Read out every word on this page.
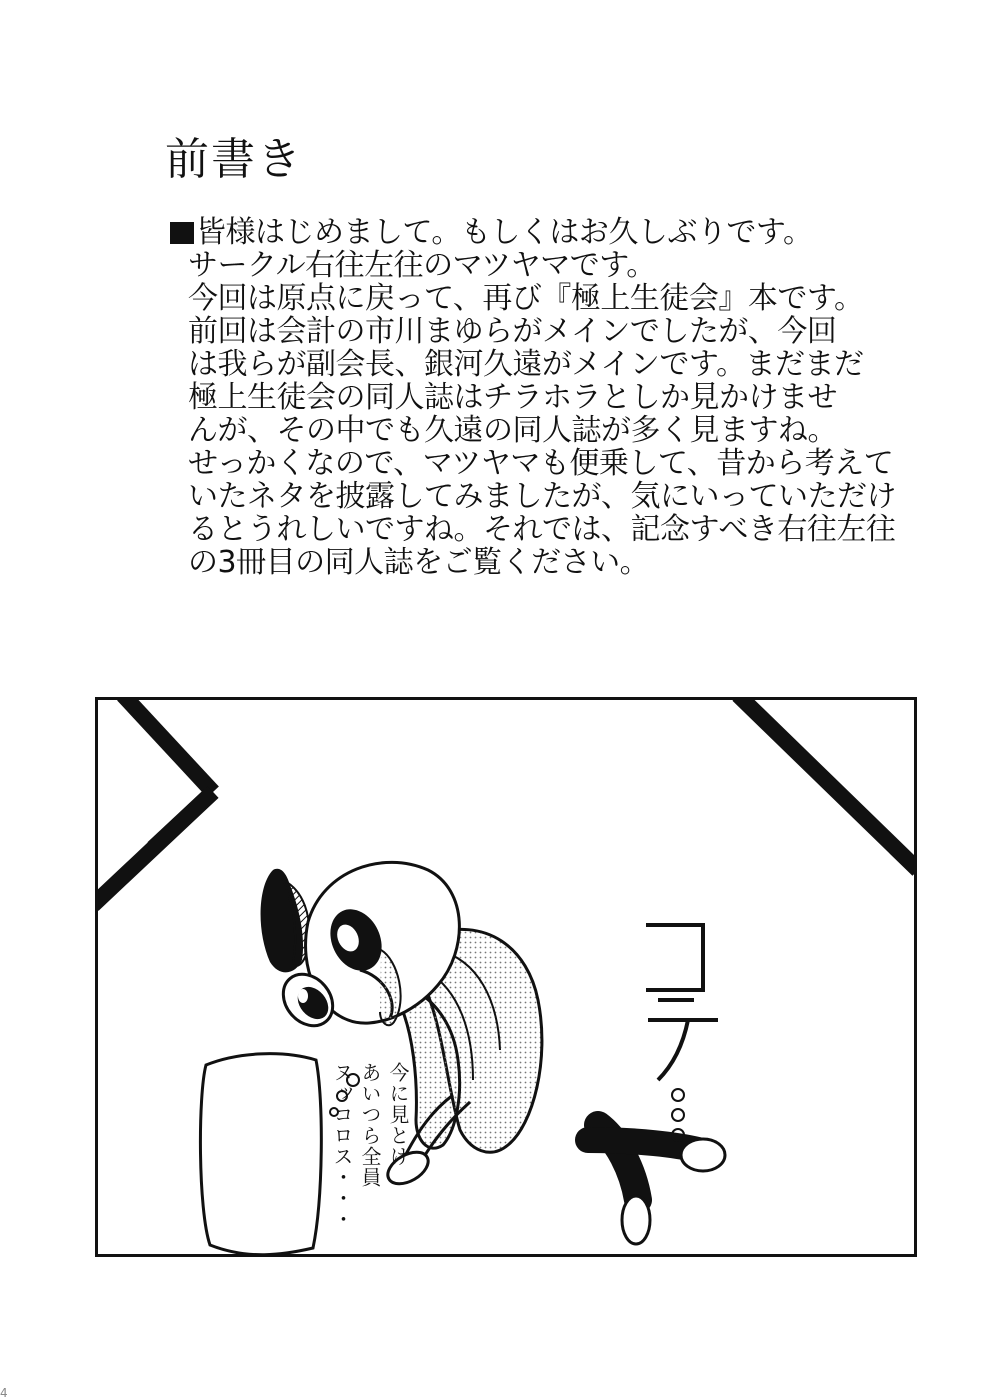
前書き
皆様はじめまして。もしくはお久しぶりです。
サークル右往左往のマツヤマです。
今回は原点に戻って、再び『極上生徒会』本です。
前回は会計の市川まゆらがメインでしたが、今回
は我らが副会長、銀河久遠がメインです。まだまだ
極上生徒会の同人誌はチラホラとしか見かけませ
んが、その中でも久遠の同人誌が多く見ますね。
せっかくなので、マツヤマも便乗して、昔から考えて
いたネタを披露してみましたが、気にいっていただけ
るとうれしいですね。それでは、記念すべき右往左往
の3冊目の同人誌をご覧ください。
今に見とけ
あいつら全員
ヌッコロス・・・
4
